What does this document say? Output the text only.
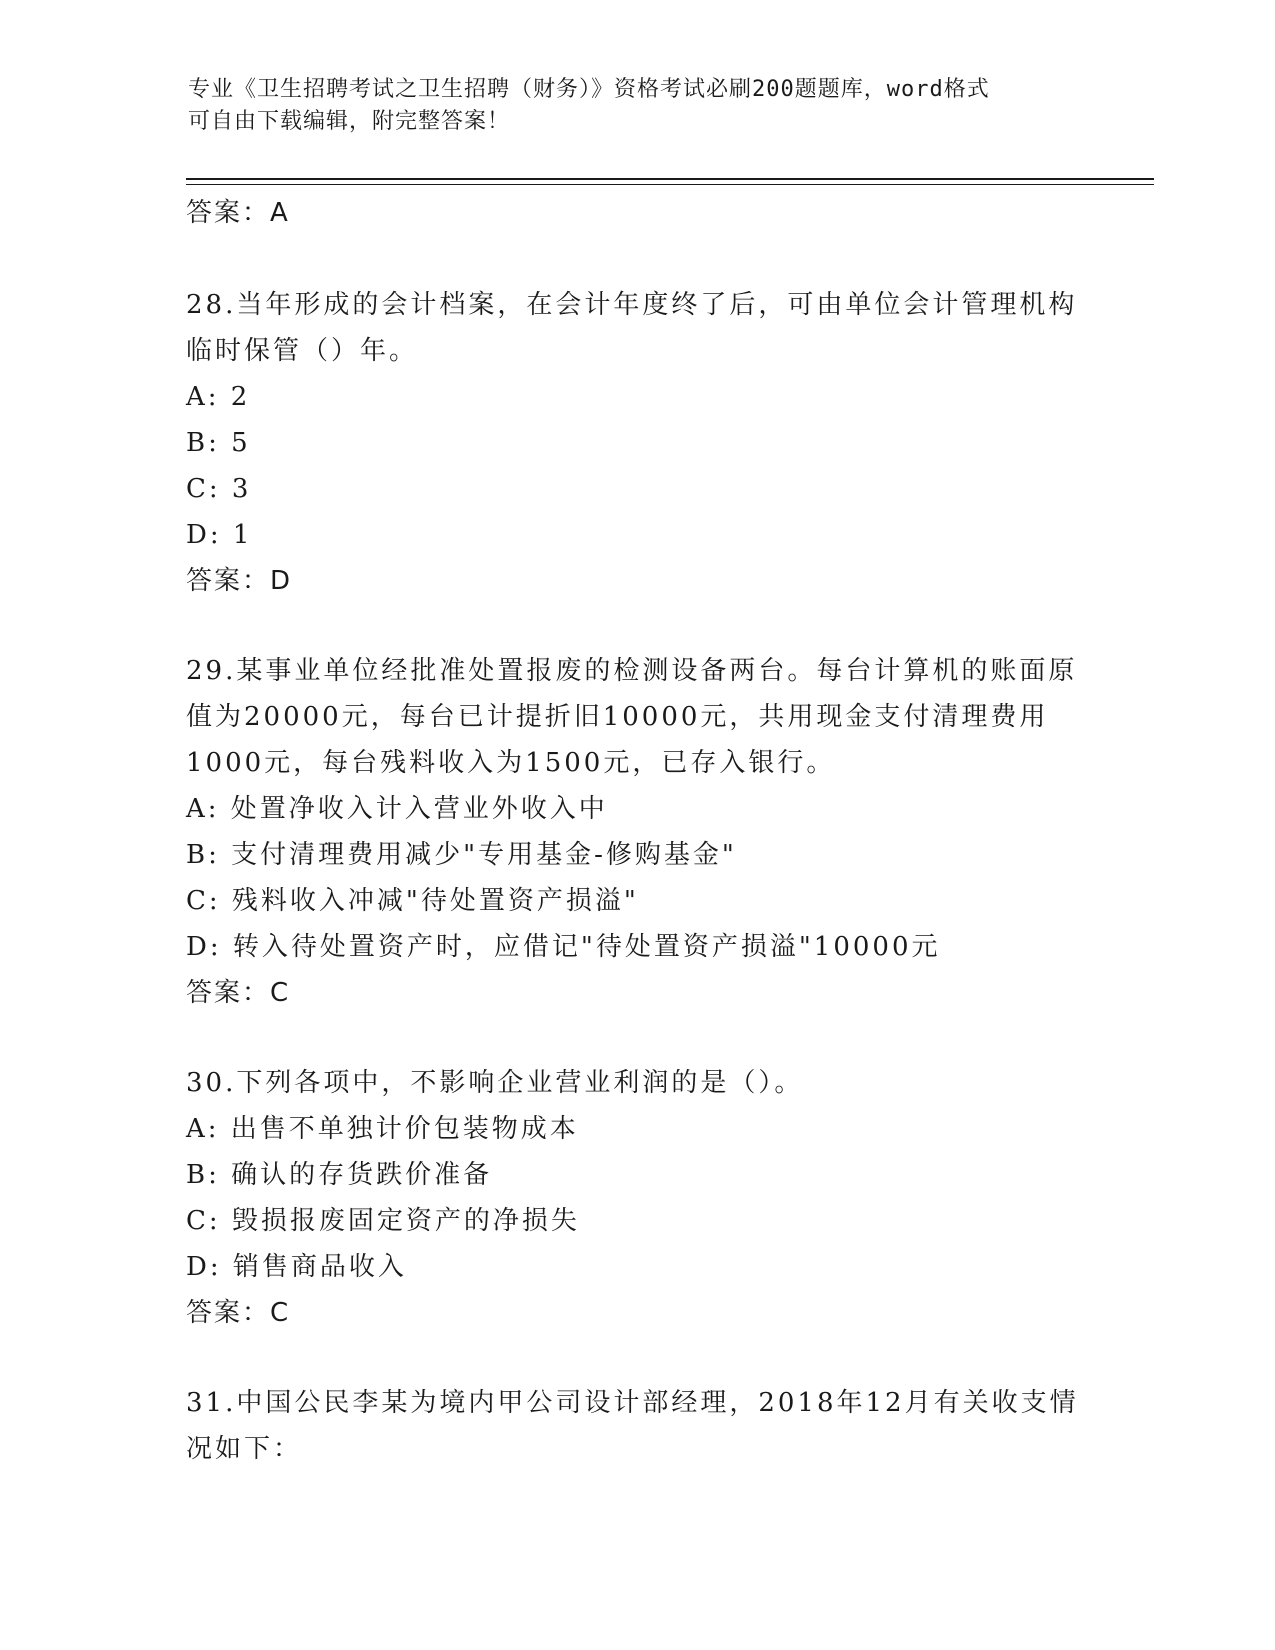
专业《卫生招聘考试之卫生招聘（财务）》资格考试必刷200题题库，word格式
可自由下载编辑，附完整答案！
答案：A
28.当年形成的会计档案，在会计年度终了后，可由单位会计管理机构
临时保管（）年。
A: 2
B: 5
C: 3
D: 1
答案：D
29.某事业单位经批准处置报废的检测设备两台。每台计算机的账面原
值为20000元，每台已计提折旧10000元，共用现金支付清理费用
1000元，每台残料收入为1500元，已存入银行。
A: 处置净收入计入营业外收入中
B: 支付清理费用减少"专用基金-修购基金"
C: 残料收入冲减"待处置资产损溢"
D: 转入待处置资产时，应借记"待处置资产损溢"10000元
答案：C
30.下列各项中，不影响企业营业利润的是（）。
A: 出售不单独计价包装物成本
B: 确认的存货跌价准备
C: 毁损报废固定资产的净损失
D: 销售商品收入
答案：C
31.中国公民李某为境内甲公司设计部经理，2018年12月有关收支情
况如下：
